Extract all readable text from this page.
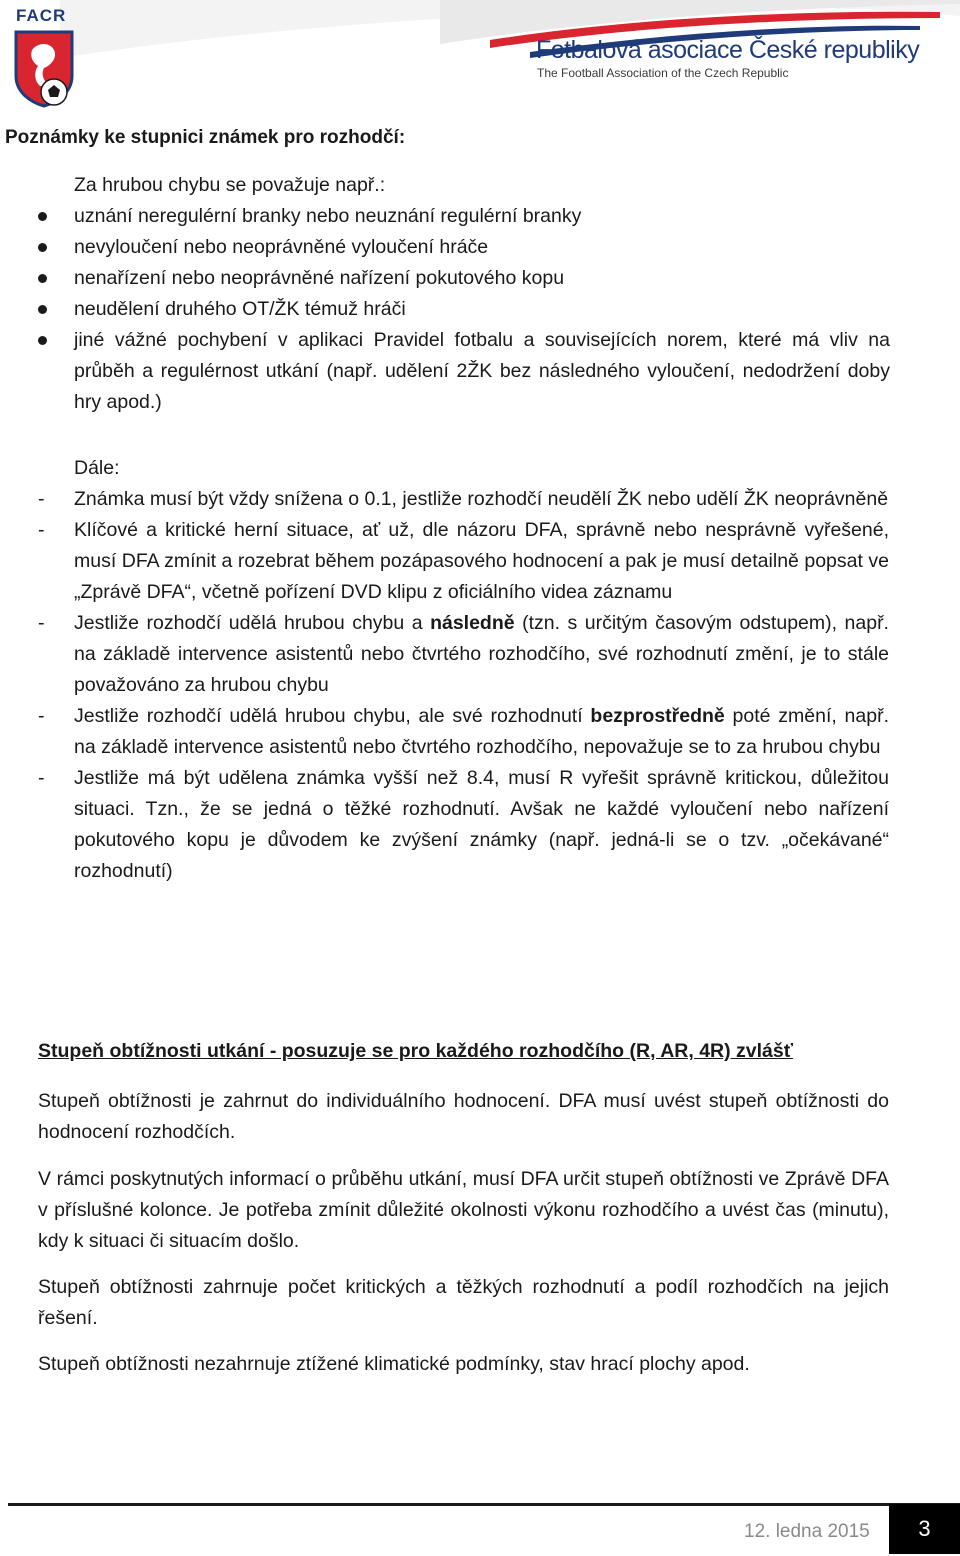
FACR
Fotbalová asociace České republiky
The Football Association of the Czech Republic
Poznámky ke stupnici známek pro rozhodčí:
Za hrubou chybu se považuje např.:
uznání neregulérní branky nebo neuznání regulérní branky
nevyloučení nebo neoprávněné vyloučení hráče
nenařízení nebo neoprávněné nařízení pokutového kopu
neudělení druhého OT/ŽK témuž hráči
jiné vážné pochybení v aplikaci Pravidel fotbalu a souvisejících norem, které má vliv na průběh a regulérnost utkání (např. udělení 2ŽK bez následného vyloučení, nedodržení doby hry apod.)
Dále:
- Známka musí být vždy snížena o 0.1, jestliže rozhodčí neudělí ŽK nebo udělí ŽK neoprávněně
- Klíčové a kritické herní situace, ať už, dle názoru DFA, správně nebo nesprávně vyřešené, musí DFA zmínit a rozebrat během pozápasového hodnocení a pak je musí detailně popsat ve „Zprávě DFA“, včetně pořízení DVD klipu z oficiálního videa záznamu
- Jestliže rozhodčí udělá hrubou chybu a následně (tzn. s určitým časovým odstupem), např. na základě intervence asistentů nebo čtvrtého rozhodčího, své rozhodnutí změní, je to stále považováno za hrubou chybu
- Jestliže rozhodčí udělá hrubou chybu, ale své rozhodnutí bezprostředně poté změní, např. na základě intervence asistentů nebo čtvrtého rozhodčího, nepovažuje se to za hrubou chybu
- Jestliže má být udělena známka vyšší než 8.4, musí R vyřešit správně kritickou, důležitou situaci. Tzn., že se jedná o těžké rozhodnutí. Avšak ne každé vyloučení nebo nařízení pokutového kopu je důvodem ke zvýšení známky (např. jedná-li se o tzv. „očekávané“ rozhodnutí)
Stupeň obtížnosti utkání - posuzuje se pro každého rozhodčího (R, AR, 4R) zvlášť

Stupeň obtížnosti je zahrnut do individuálního hodnocení. DFA musí uvést stupeň obtížnosti do hodnocení rozhodčích.

V rámci poskytnutých informací o průběhu utkání, musí DFA určit stupeň obtížnosti ve Zprávě DFA v příslušné kolonce. Je potřeba zmínit důležité okolnosti výkonu rozhodčího a uvést čas (minutu), kdy k situaci či situacím došlo.

Stupeň obtížnosti zahrnuje počet kritických a těžkých rozhodnutí a podíl rozhodčích na jejich řešení.

Stupeň obtížnosti nezahrnuje ztížené klimatické podmínky, stav hrací plochy apod.

12. ledna 2015	3
